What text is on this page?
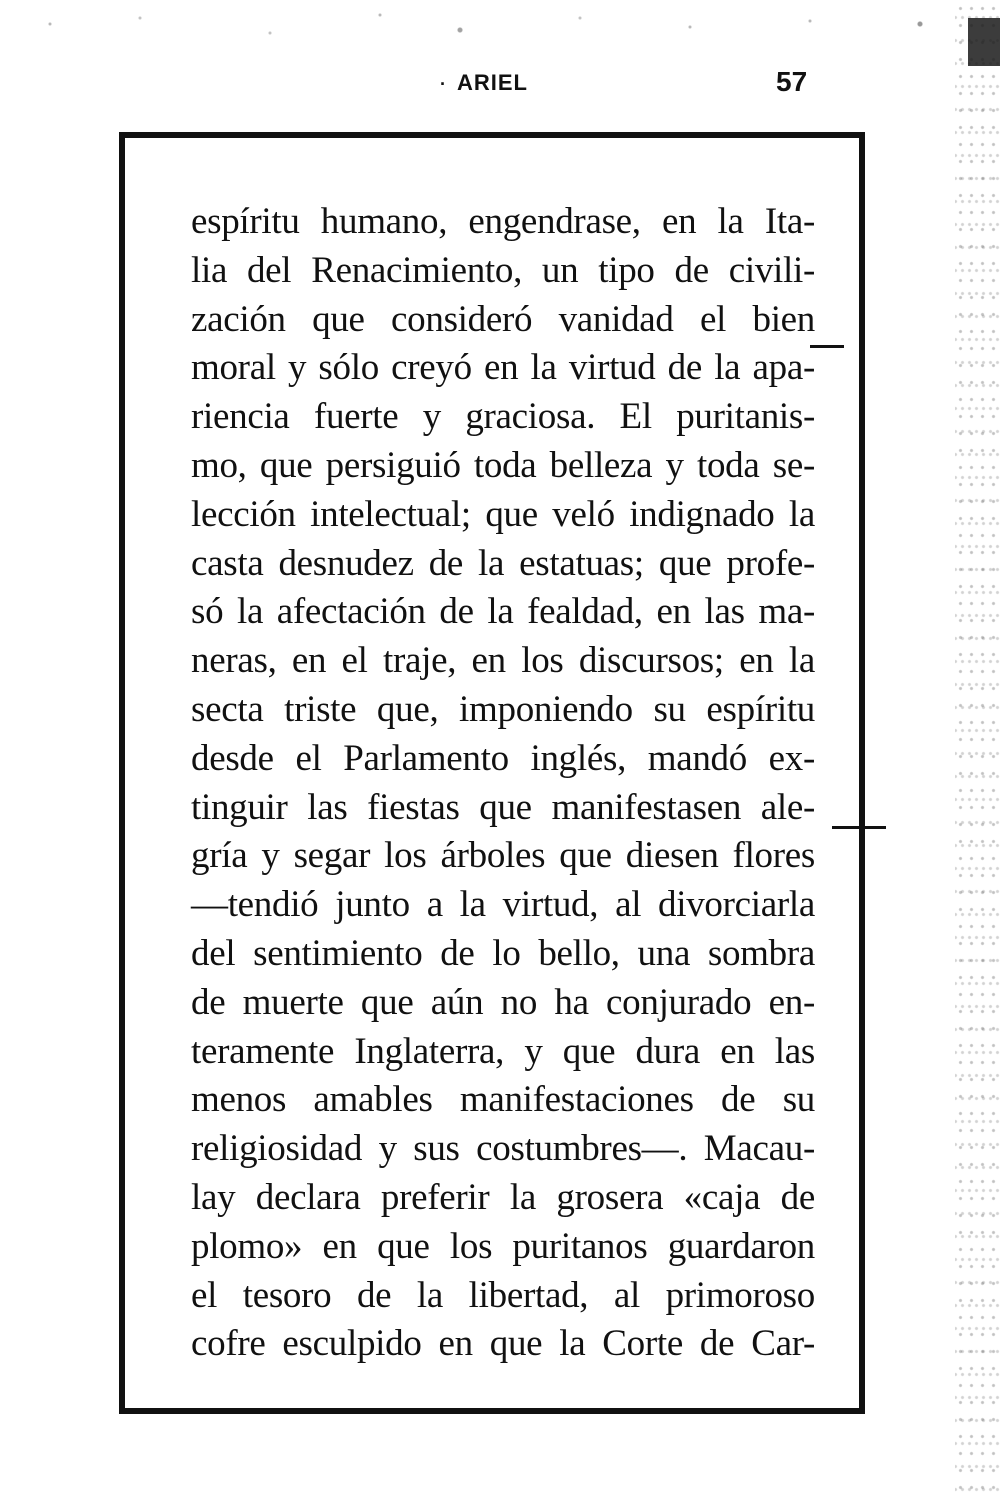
· ARIEL	57
espíritu humano, engendrase, en la Ita-
lia del Renacimiento, un tipo de civili-
zación que consideró vanidad el bien
moral y sólo creyó en la virtud de la apa-
riencia fuerte y graciosa. El puritanis-
mo, que persiguió toda belleza y toda se-
lección intelectual; que veló indignado la
casta desnudez de la estatuas; que profe-
só la afectación de la fealdad, en las ma-
neras, en el traje, en los discursos; en la
secta triste que, imponiendo su espíritu
desde el Parlamento inglés, mandó ex-
tinguir las fiestas que manifestasen ale-
gría y segar los árboles que diesen flores
—tendió junto a la virtud, al divorciarla
del sentimiento de lo bello, una sombra
de muerte que aún no ha conjurado en-
teramente Inglaterra, y que dura en las
menos amables manifestaciones de su
religiosidad y sus costumbres—. Macau-
lay declara preferir la grosera «caja de
plomo» en que los puritanos guardaron
el tesoro de la libertad, al primoroso
cofre esculpido en que la Corte de Car-
